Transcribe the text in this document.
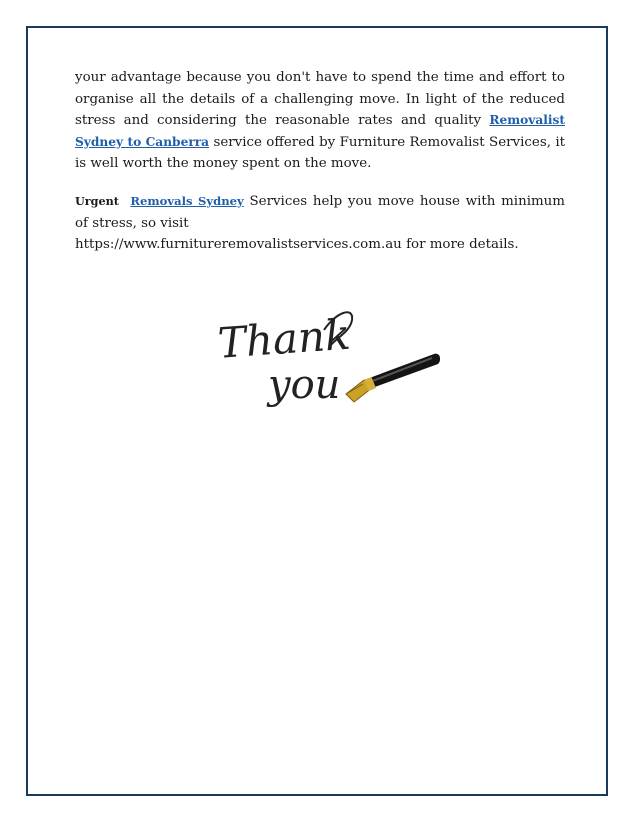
your advantage because you don't have to spend the time and effort to organise all the details of a challenging move. In light of the reduced stress and considering the reasonable rates and quality Removalist Sydney to Canberra service offered by Furniture Removalist Services, it is well worth the money spent on the move.

Urgent Removals Sydney Services help you move house with minimum of stress, so visit
https://www.furnitureremovalistservices.com.au for more details.

Thank
you
